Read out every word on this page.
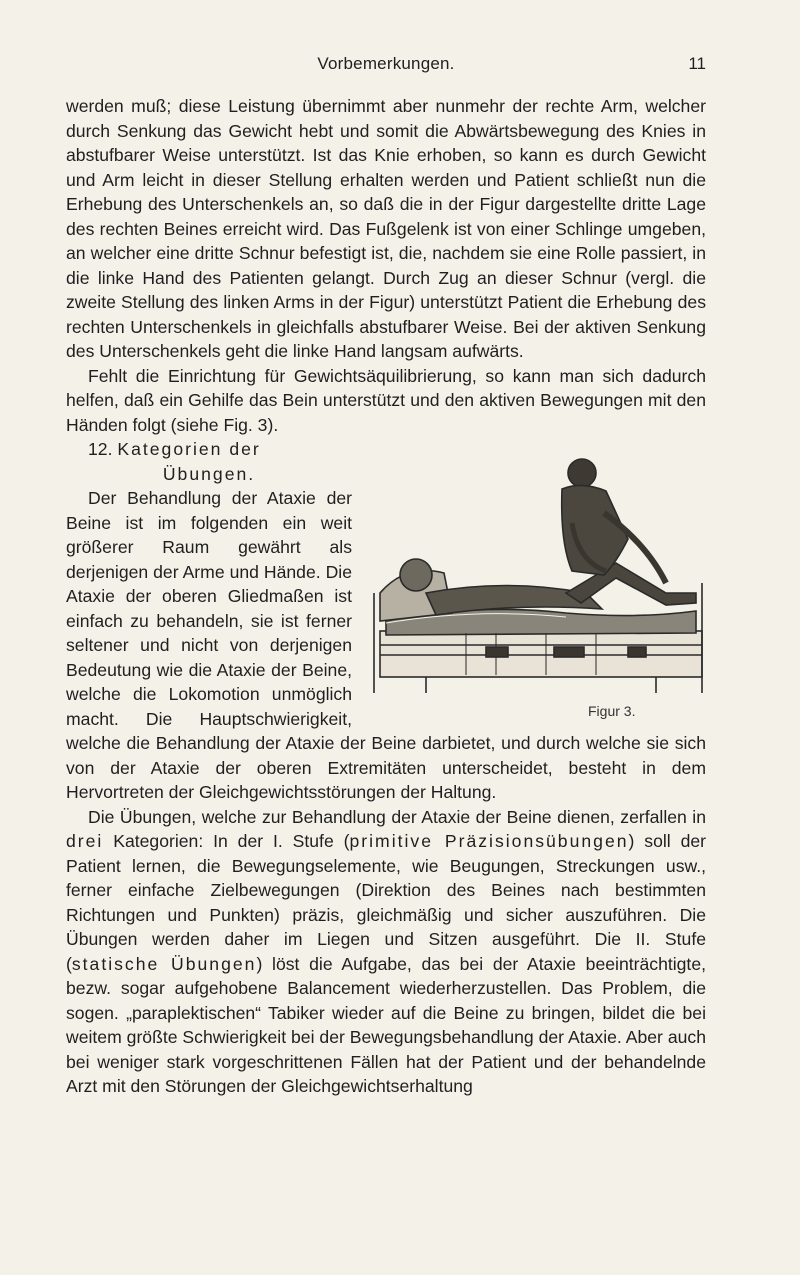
Vorbemerkungen.	11

werden muß; diese Leistung übernimmt aber nunmehr der rechte Arm, welcher durch Senkung das Gewicht hebt und somit die Abwärtsbewegung des Knies in abstufbarer Weise unterstützt. Ist das Knie erhoben, so kann es durch Gewicht und Arm leicht in dieser Stellung erhalten werden und Patient schließt nun die Erhebung des Unterschenkels an, so daß die in der Figur dargestellte dritte Lage des rechten Beines erreicht wird. Das Fußgelenk ist von einer Schlinge umgeben, an welcher eine dritte Schnur befestigt ist, die, nachdem sie eine Rolle passiert, in die linke Hand des Patienten gelangt. Durch Zug an dieser Schnur (vergl. die zweite Stellung des linken Arms in der Figur) unterstützt Patient die Erhebung des rechten Unterschenkels in gleichfalls abstufbarer Weise. Bei der aktiven Senkung des Unterschenkels geht die linke Hand langsam aufwärts.

Fehlt die Einrichtung für Gewichtsäquilibrierung, so kann man sich dadurch helfen, daß ein Gehilfe das Bein unterstützt und den aktiven Bewegungen mit den Händen folgt (siehe Fig. 3).

Figur 3.

12. Kategorien der

Übungen.

Der Behandlung der Ataxie der Beine ist im folgenden ein weit größerer Raum gewährt als derjenigen der Arme und Hände. Die Ataxie der oberen Gliedmaßen ist einfach zu behandeln, sie ist ferner seltener und nicht von derjenigen Bedeutung wie die Ataxie der Beine, welche die Lokomotion unmöglich macht. Die Hauptschwierigkeit, welche die Behandlung der Ataxie der Beine darbietet, und durch welche sie sich von der Ataxie der oberen Extremitäten unterscheidet, besteht in dem Hervortreten der Gleichgewichtsstörungen der Haltung.

Die Übungen, welche zur Behandlung der Ataxie der Beine dienen, zerfallen in drei Kategorien: In der I. Stufe (primitive Präzisionsübungen) soll der Patient lernen, die Bewegungselemente, wie Beugungen, Streckungen usw., ferner einfache Zielbewegungen (Direktion des Beines nach bestimmten Richtungen und Punkten) präzis, gleichmäßig und sicher auszuführen. Die Übungen werden daher im Liegen und Sitzen ausgeführt. Die II. Stufe (statische Übungen) löst die Aufgabe, das bei der Ataxie beeinträchtigte, bezw. sogar aufgehobene Balancement wiederherzustellen. Das Problem, die sogen. „paraplektischen“ Tabiker wieder auf die Beine zu bringen, bildet die bei weitem größte Schwierigkeit bei der Bewegungsbehandlung der Ataxie. Aber auch bei weniger stark vorgeschrittenen Fällen hat der Patient und der behandelnde Arzt mit den Störungen der Gleichgewichtserhaltung
